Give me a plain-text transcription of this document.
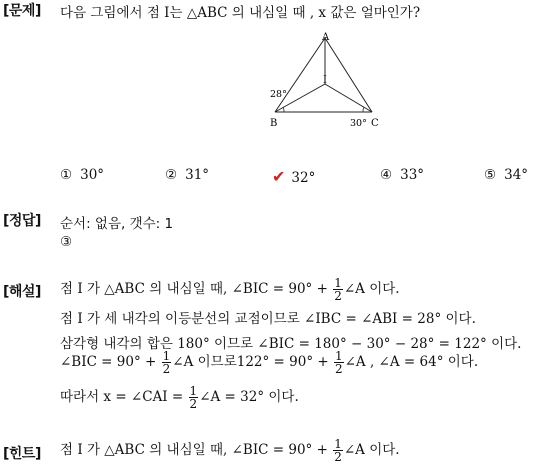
[문제] 다음 그림에서 점 I는 △ABC 의 내심일 때 , x 값은 얼마인가?
A
I
B	C
28°
30°
① 30°	② 31°	✔ 32°	④ 33°	⑤ 34°
[정답] 순서: 없음, 갯수: 1
③
[해설] 점 I 가 △ABC 의 내심일 때, ∠BIC = $90^\circ + \frac{1}{2}$ ∠A 이다.
점 I 가 세 내각의 이등분선의 교점이므로 ∠IBC = ∠ABI = 28° 이다.
삼각형 내각의 합은 180° 이므로 ∠BIC = 180° − 30° − 28° = 122° 이다.
∠BIC = $90^\circ + \frac{1}{2}$ ∠A 이므로$122^\circ = 90^\circ + \frac{1}{2}$ ∠A , ∠A = 64° 이다.
따라서 x = ∠CAI = $\frac{1}{2}$ ∠A = 32° 이다.
[힌트] 점 I 가 △ABC 의 내심일 때, ∠BIC = $90^\circ + \frac{1}{2}$ ∠A 이다.
